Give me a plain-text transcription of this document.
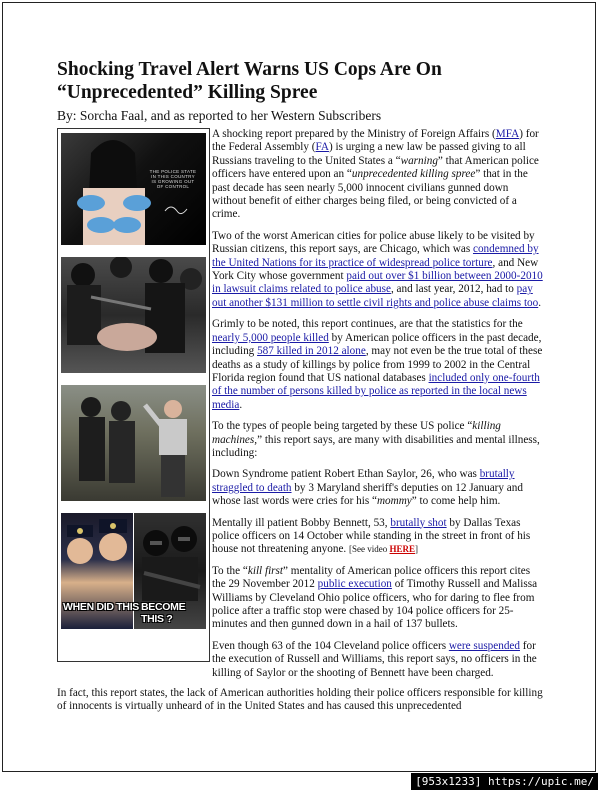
Shocking Travel Alert Warns US Cops Are On “Unprecedented” Killing Spree

By: Sorcha Faal, and as reported to her Western Subscribers

THE POLICE STATE IN THIS COUNTRY IS GROWING OUT OF CONTROL
WHEN DID THIS BECOME THIS ?

A shocking report prepared by the Ministry of Foreign Affairs (MFA) for the Federal Assembly (FA) is urging a new law be passed giving to all Russians traveling to the United States a “warning” that American police officers have entered upon an “unprecedented killing spree” that in the past decade has seen nearly 5,000 innocent civilians gunned down without benefit of either charges being filed, or being convicted of a crime.

Two of the worst American cities for police abuse likely to be visited by Russian citizens, this report says, are Chicago, which was condemned by the United Nations for its practice of widespread police torture, and New York City whose government paid out over $1 billion between 2000-2010 in lawsuit claims related to police abuse, and last year, 2012, had to pay out another $131 million to settle civil rights and police abuse claims too.

Grimly to be noted, this report continues, are that the statistics for the nearly 5,000 people killed by American police officers in the past decade, including 587 killed in 2012 alone, may not even be the true total of these deaths as a study of killings by police from 1999 to 2002 in the Central Florida region found that US national databases included only one-fourth of the number of persons killed by police as reported in the local news media.

To the types of people being targeted by these US police “killing machines,” this report says, are many with disabilities and mental illness, including:

Down Syndrome patient Robert Ethan Saylor, 26, who was brutally straggled to death by 3 Maryland sheriff's deputies on 12 January and whose last words were cries for his “mommy” to come help him.

Mentally ill patient Bobby Bennett, 53, brutally shot by Dallas Texas police officers on 14 October while standing in the street in front of his house not threatening anyone. [See video HERE]

To the “kill first” mentality of American police officers this report cites the 29 November 2012 public execution of Timothy Russell and Malissa Williams by Cleveland Ohio police officers, who for daring to flee from police after a traffic stop were chased by 104 police officers for 25-minutes and then gunned down in a hail of 137 bullets.

Even though 63 of the 104 Cleveland police officers were suspended for the execution of Russell and Williams, this report says, no officers in the killing of Saylor or the shooting of Bennett have been charged.

In fact, this report states, the lack of American authorities holding their police officers responsible for killing of innocents is virtually unheard of in the United States and has caused this unprecedented

[953x1233] https://upic.me/
